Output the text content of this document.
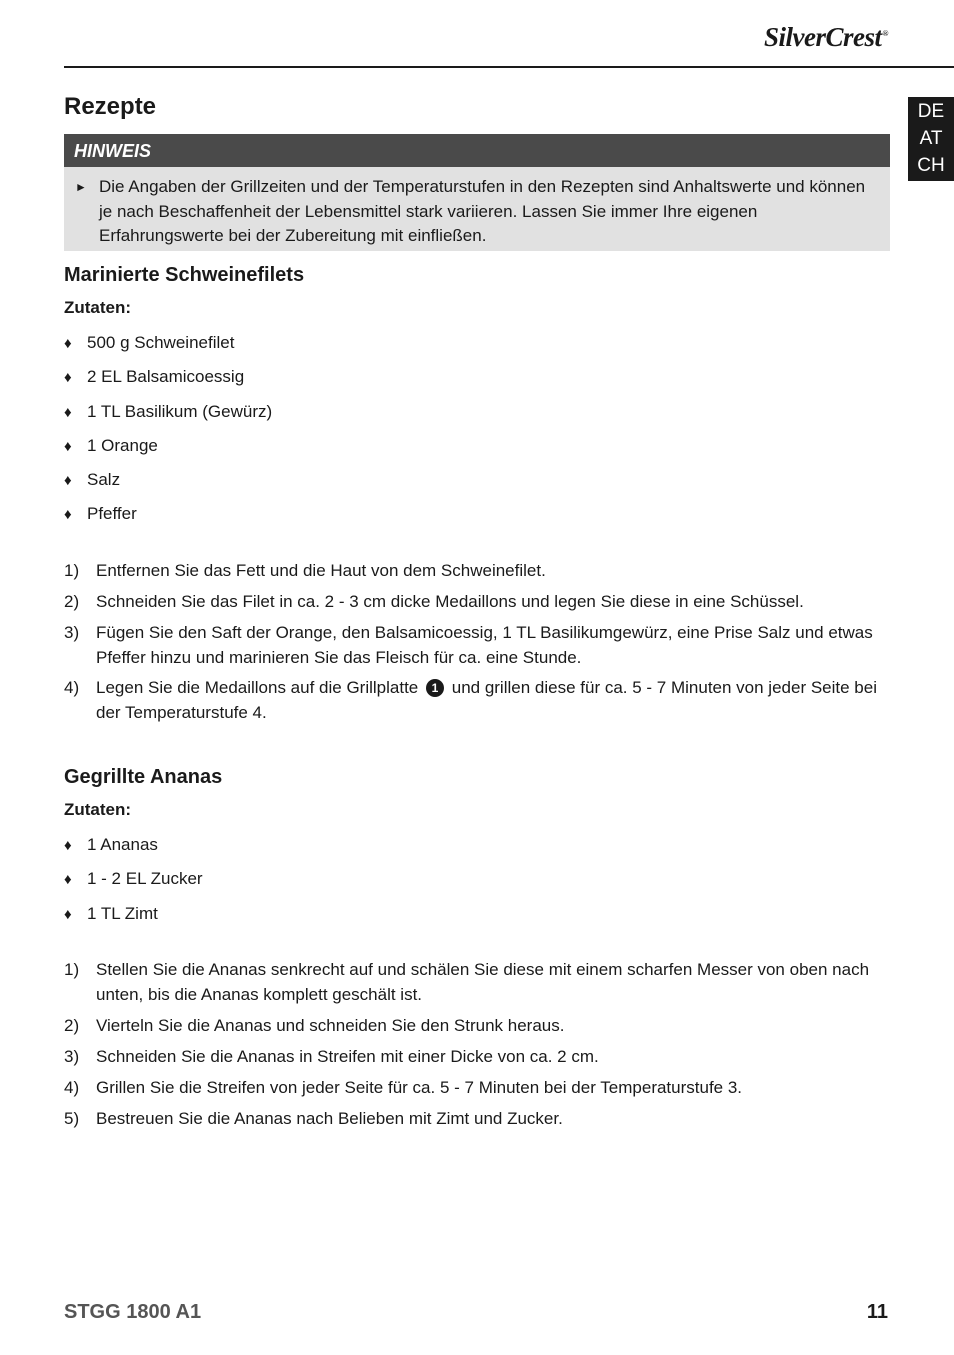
SilverCrest®
DE
AT
CH
Rezepte
HINWEIS
► Die Angaben der Grillzeiten und der Temperaturstufen in den Rezepten sind Anhaltswerte und können je nach Beschaffenheit der Lebensmittel stark variieren. Lassen Sie immer Ihre eigenen Erfahrungswerte bei der Zubereitung mit einfließen.
Marinierte Schweinefilets
Zutaten:
♦ 500 g Schweinefilet
♦ 2 EL Balsamicoessig
♦ 1 TL Basilikum (Gewürz)
♦ 1 Orange
♦ Salz
♦ Pfeffer
1) Entfernen Sie das Fett und die Haut von dem Schweinefilet.
2) Schneiden Sie das Filet in ca. 2 - 3 cm dicke Medaillons und legen Sie diese in eine Schüssel.
3) Fügen Sie den Saft der Orange, den Balsamicoessig, 1 TL Basilikumgewürz, eine Prise Salz und etwas Pfeffer hinzu und marinieren Sie das Fleisch für ca. eine Stunde.
4) Legen Sie die Medaillons auf die Grillplatte 1 und grillen diese für ca. 5 - 7 Minuten von jeder Seite bei der Temperaturstufe 4.
Gegrillte Ananas
Zutaten:
♦ 1 Ananas
♦ 1 - 2 EL Zucker
♦ 1 TL Zimt
1) Stellen Sie die Ananas senkrecht auf und schälen Sie diese mit einem scharfen Messer von oben nach unten, bis die Ananas komplett geschält ist.
2) Vierteln Sie die Ananas und schneiden Sie den Strunk heraus.
3) Schneiden Sie die Ananas in Streifen mit einer Dicke von ca. 2 cm.
4) Grillen Sie die Streifen von jeder Seite für ca. 5 - 7 Minuten bei der Temperaturstufe 3.
5) Bestreuen Sie die Ananas nach Belieben mit Zimt und Zucker.
STGG 1800 A1	11
